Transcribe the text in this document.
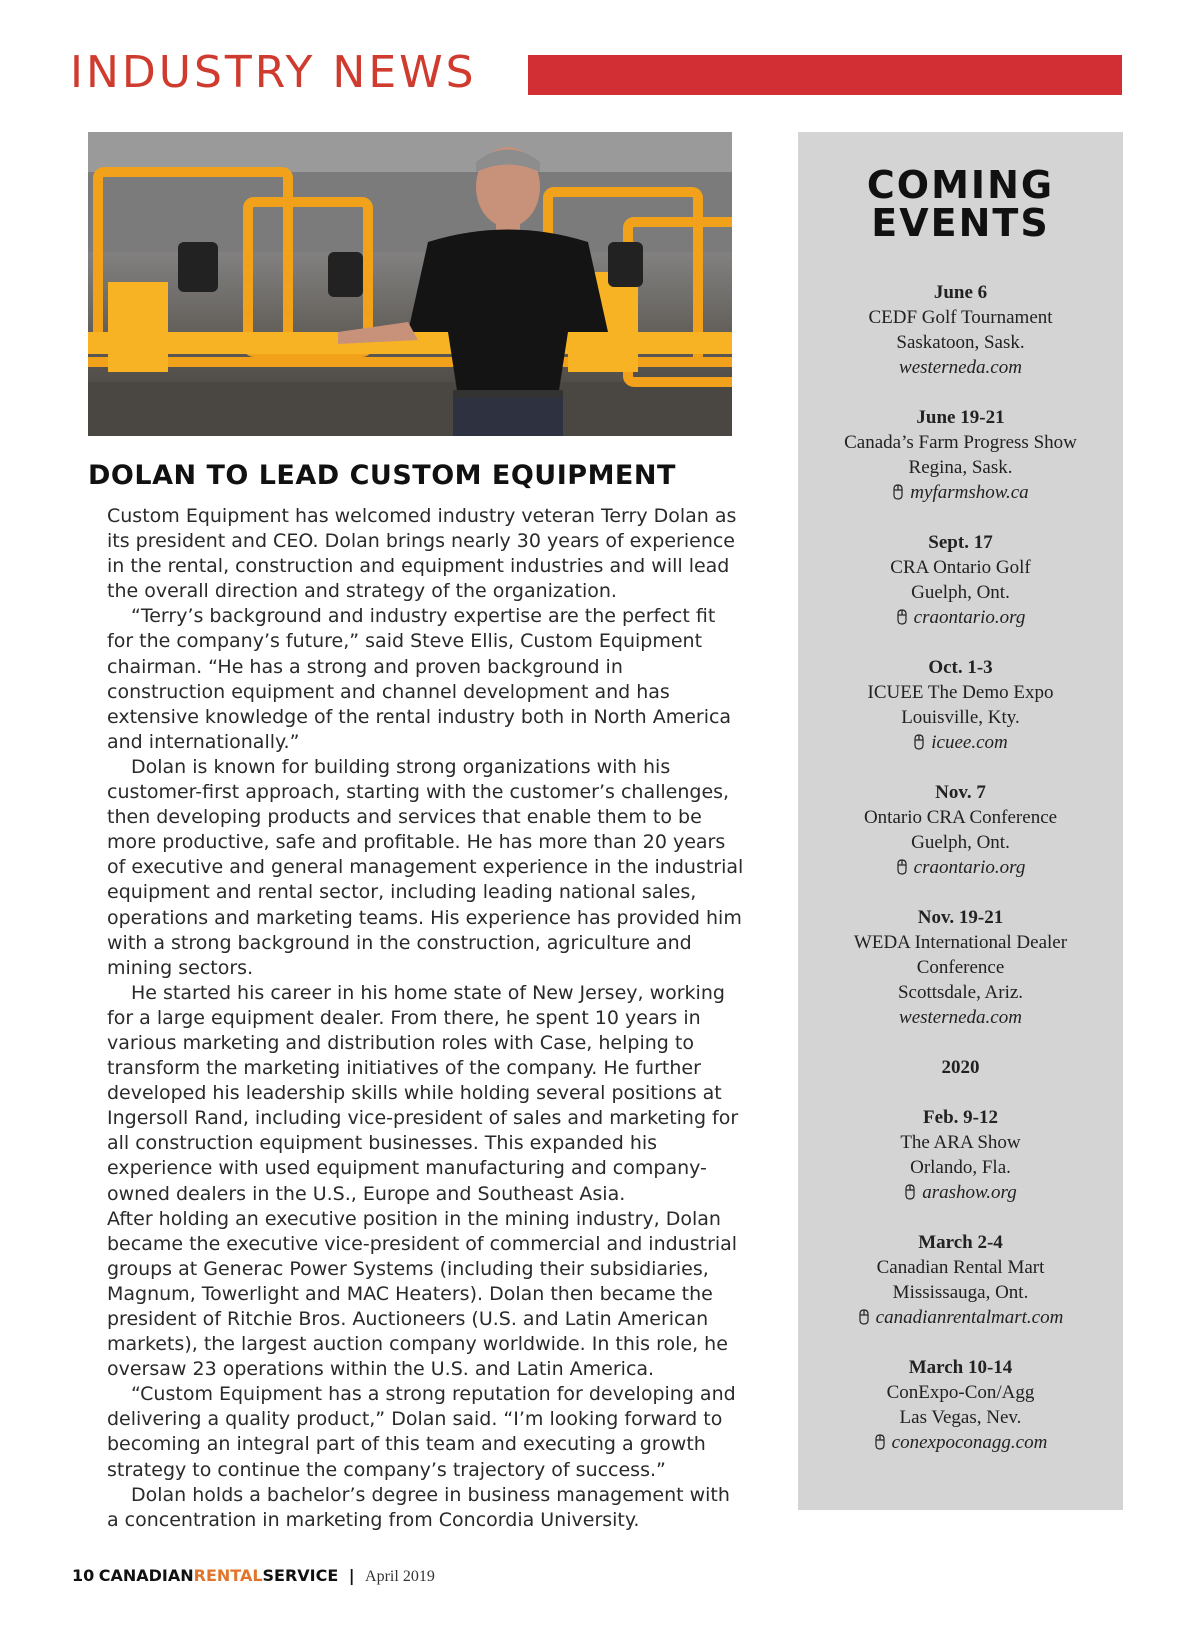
INDUSTRY NEWS
DOLAN TO LEAD CUSTOM EQUIPMENT

Custom Equipment has welcomed industry veteran Terry Dolan as its president and CEO. Dolan brings nearly 30 years of experience in the rental, construction and equipment industries and will lead the overall direction and strategy of the organization.

“Terry’s background and industry expertise are the perfect fit for the company’s future,” said Steve Ellis, Custom Equipment chairman. “He has a strong and proven background in construction equipment and channel development and has extensive knowledge of the rental industry both in North America and internationally.”

Dolan is known for building strong organizations with his customer-first approach, starting with the customer’s challenges, then developing products and services that enable them to be more productive, safe and profitable. He has more than 20 years of executive and general management experience in the industrial equipment and rental sector, including leading national sales, operations and marketing teams. His experience has provided him with a strong background in the construction, agriculture and mining sectors.

He started his career in his home state of New Jersey, working for a large equipment dealer. From there, he spent 10 years in various marketing and distribution roles with Case, helping to transform the marketing initiatives of the company. He further developed his leadership skills while holding several positions at Ingersoll Rand, including vice-president of sales and marketing for all construction equipment businesses. This expanded his experience with used equipment manufacturing and company-owned dealers in the U.S., Europe and Southeast Asia.

After holding an executive position in the mining industry, Dolan became the executive vice-president of commercial and industrial groups at Generac Power Systems (including their subsidiaries, Magnum, Towerlight and MAC Heaters). Dolan then became the president of Ritchie Bros. Auctioneers (U.S. and Latin American markets), the largest auction company worldwide. In this role, he oversaw 23 operations within the U.S. and Latin America.

“Custom Equipment has a strong reputation for developing and delivering a quality product,” Dolan said. “I’m looking forward to becoming an integral part of this team and executing a growth strategy to continue the company’s trajectory of success.”

Dolan holds a bachelor’s degree in business management with a concentration in marketing from Concordia University.

COMING
EVENTS
June 6
CEDF Golf Tournament
Saskatoon, Sask.
westerneda.com
June 19-21
Canada’s Farm Progress Show
Regina, Sask.
myfarmshow.ca
Sept. 17
CRA Ontario Golf
Guelph, Ont.
craontario.org
Oct. 1-3
ICUEE The Demo Expo
Louisville, Kty.
icuee.com
Nov. 7
Ontario CRA Conference
Guelph, Ont.
craontario.org
Nov. 19-21
WEDA International Dealer
Conference
Scottsdale, Ariz.
westerneda.com
2020
Feb. 9-12
The ARA Show
Orlando, Fla.
arashow.org
March 2-4
Canadian Rental Mart
Mississauga, Ont.
canadianrentalmart.com
March 10-14
ConExpo-Con/Agg
Las Vegas, Nev.
conexpoconagg.com
10 CANADIANRENTALSERVICE | April 2019
